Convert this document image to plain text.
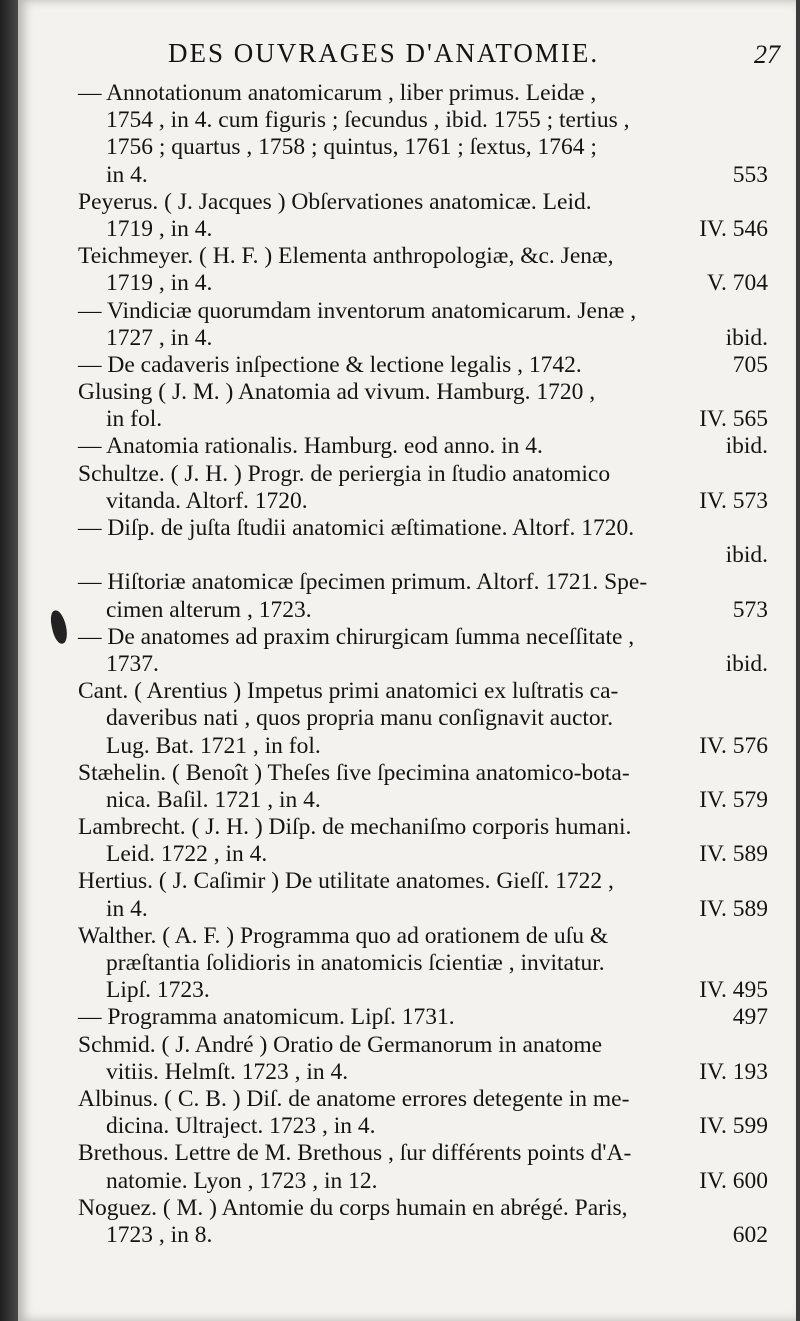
DES OUVRAGES D'ANATOMIE.	27
— Annotationum anatomicarum , liber primus. Leidæ ,
1754 , in 4. cum figuris ; ſecundus , ibid. 1755 ; tertius ,
1756 ; quartus , 1758 ; quintus, 1761 ; ſextus, 1764 ;
in 4.	553
Peyerus. ( J. Jacques ) Obſervationes anatomicæ. Leid.
1719 , in 4.	IV. 546
Teichmeyer. ( H. F. ) Elementa anthropologiæ, &c. Jenæ,
1719 , in 4.	V. 704
— Vindiciæ quorumdam inventorum anatomicarum. Jenæ ,
1727 , in 4.	ibid.
— De cadaveris inſpectione & lectione legalis , 1742.	705
Glusing ( J. M. ) Anatomia ad vivum. Hamburg. 1720 ,
in fol.	IV. 565
— Anatomia rationalis. Hamburg. eod anno. in 4.	ibid.
Schultze. ( J. H. ) Progr. de periergia in ſtudio anatomico
vitanda. Altorf. 1720.	IV. 573
— Diſp. de juſta ſtudii anatomici æſtimatione. Altorf. 1720.
ibid.
— Hiſtoriæ anatomicæ ſpecimen primum. Altorf. 1721. Spe-
cimen alterum , 1723.	573
— De anatomes ad praxim chirurgicam ſumma neceſſitate ,
1737.	ibid.
Cant. ( Arentius ) Impetus primi anatomici ex luſtratis ca-
daveribus nati , quos propria manu conſignavit auctor.
Lug. Bat. 1721 , in fol.	IV. 576
Stæhelin. ( Benoît ) Theſes ſive ſpecimina anatomico-bota-
nica. Baſil. 1721 , in 4.	IV. 579
Lambrecht. ( J. H. ) Diſp. de mechaniſmo corporis humani.
Leid. 1722 , in 4.	IV. 589
Hertius. ( J. Caſimir ) De utilitate anatomes. Gieſſ. 1722 ,
in 4.	IV. 589
Walther. ( A. F. ) Programma quo ad orationem de uſu &
præſtantia ſolidioris in anatomicis ſcientiæ , invitatur.
Lipſ. 1723.	IV. 495
— Programma anatomicum. Lipſ. 1731.	497
Schmid. ( J. André ) Oratio de Germanorum in anatome
vitiis. Helmſt. 1723 , in 4.	IV. 193
Albinus. ( C. B. ) Diſ. de anatome errores detegente in me-
dicina. Ultraject. 1723 , in 4.	IV. 599
Brethous. Lettre de M. Brethous , ſur différents points d'A-
natomie. Lyon , 1723 , in 12.	IV. 600
Noguez. ( M. ) Antomie du corps humain en abrégé. Paris,
1723 , in 8.	602
